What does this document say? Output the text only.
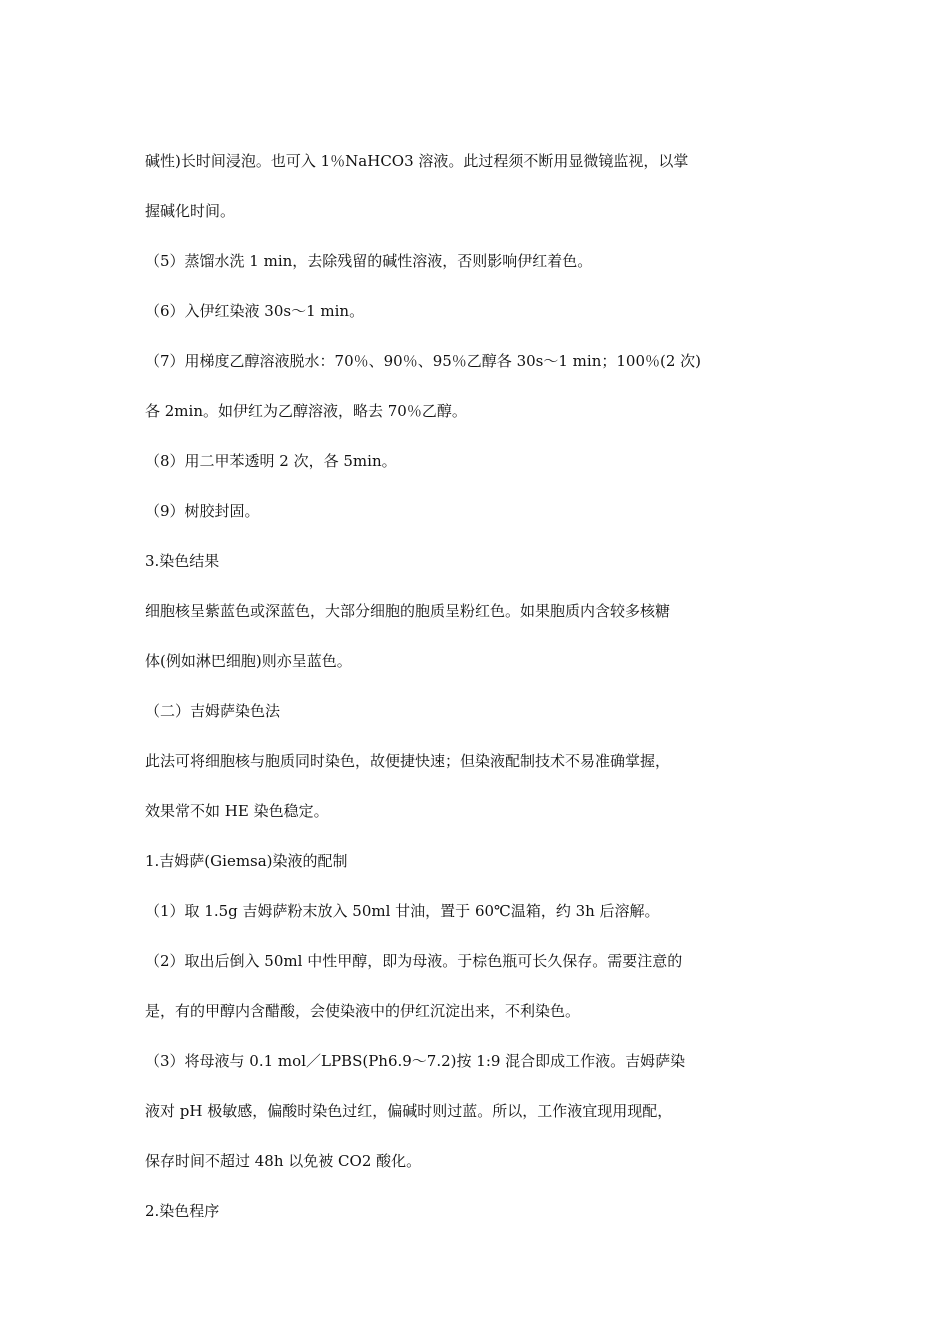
碱性)长时间浸泡。也可入 1％NaHCO3 溶液。此过程须不断用显微镜监视，以掌
握碱化时间。
（5）蒸馏水洗 1 min，去除残留的碱性溶液，否则影响伊红着色。
（6）入伊红染液 30s～1 min。
（7）用梯度乙醇溶液脱水：70％、90％、95％乙醇各 30s～1 min；100％(2 次)
各 2min。如伊红为乙醇溶液，略去 70％乙醇。
（8）用二甲苯透明 2 次，各 5min。
（9）树胶封固。
3.染色结果
细胞核呈紫蓝色或深蓝色，大部分细胞的胞质呈粉红色。如果胞质内含较多核糖
体(例如淋巴细胞)则亦呈蓝色。
（二）吉姆萨染色法
此法可将细胞核与胞质同时染色，故便捷快速；但染液配制技术不易准确掌握，
效果常不如 HE 染色稳定。
1.吉姆萨(Giemsa)染液的配制
（1）取 1.5g 吉姆萨粉末放入 50ml 甘油，置于 60℃温箱，约 3h 后溶解。
（2）取出后倒入 50ml 中性甲醇，即为母液。于棕色瓶可长久保存。需要注意的
是，有的甲醇内含醋酸，会使染液中的伊红沉淀出来，不利染色。
（3）将母液与 0.1 mol／LPBS(Ph6.9～7.2)按 1:9 混合即成工作液。吉姆萨染
液对 pH 极敏感，偏酸时染色过红，偏碱时则过蓝。所以，工作液宜现用现配，
保存时间不超过 48h 以免被 CO2 酸化。
2.染色程序
